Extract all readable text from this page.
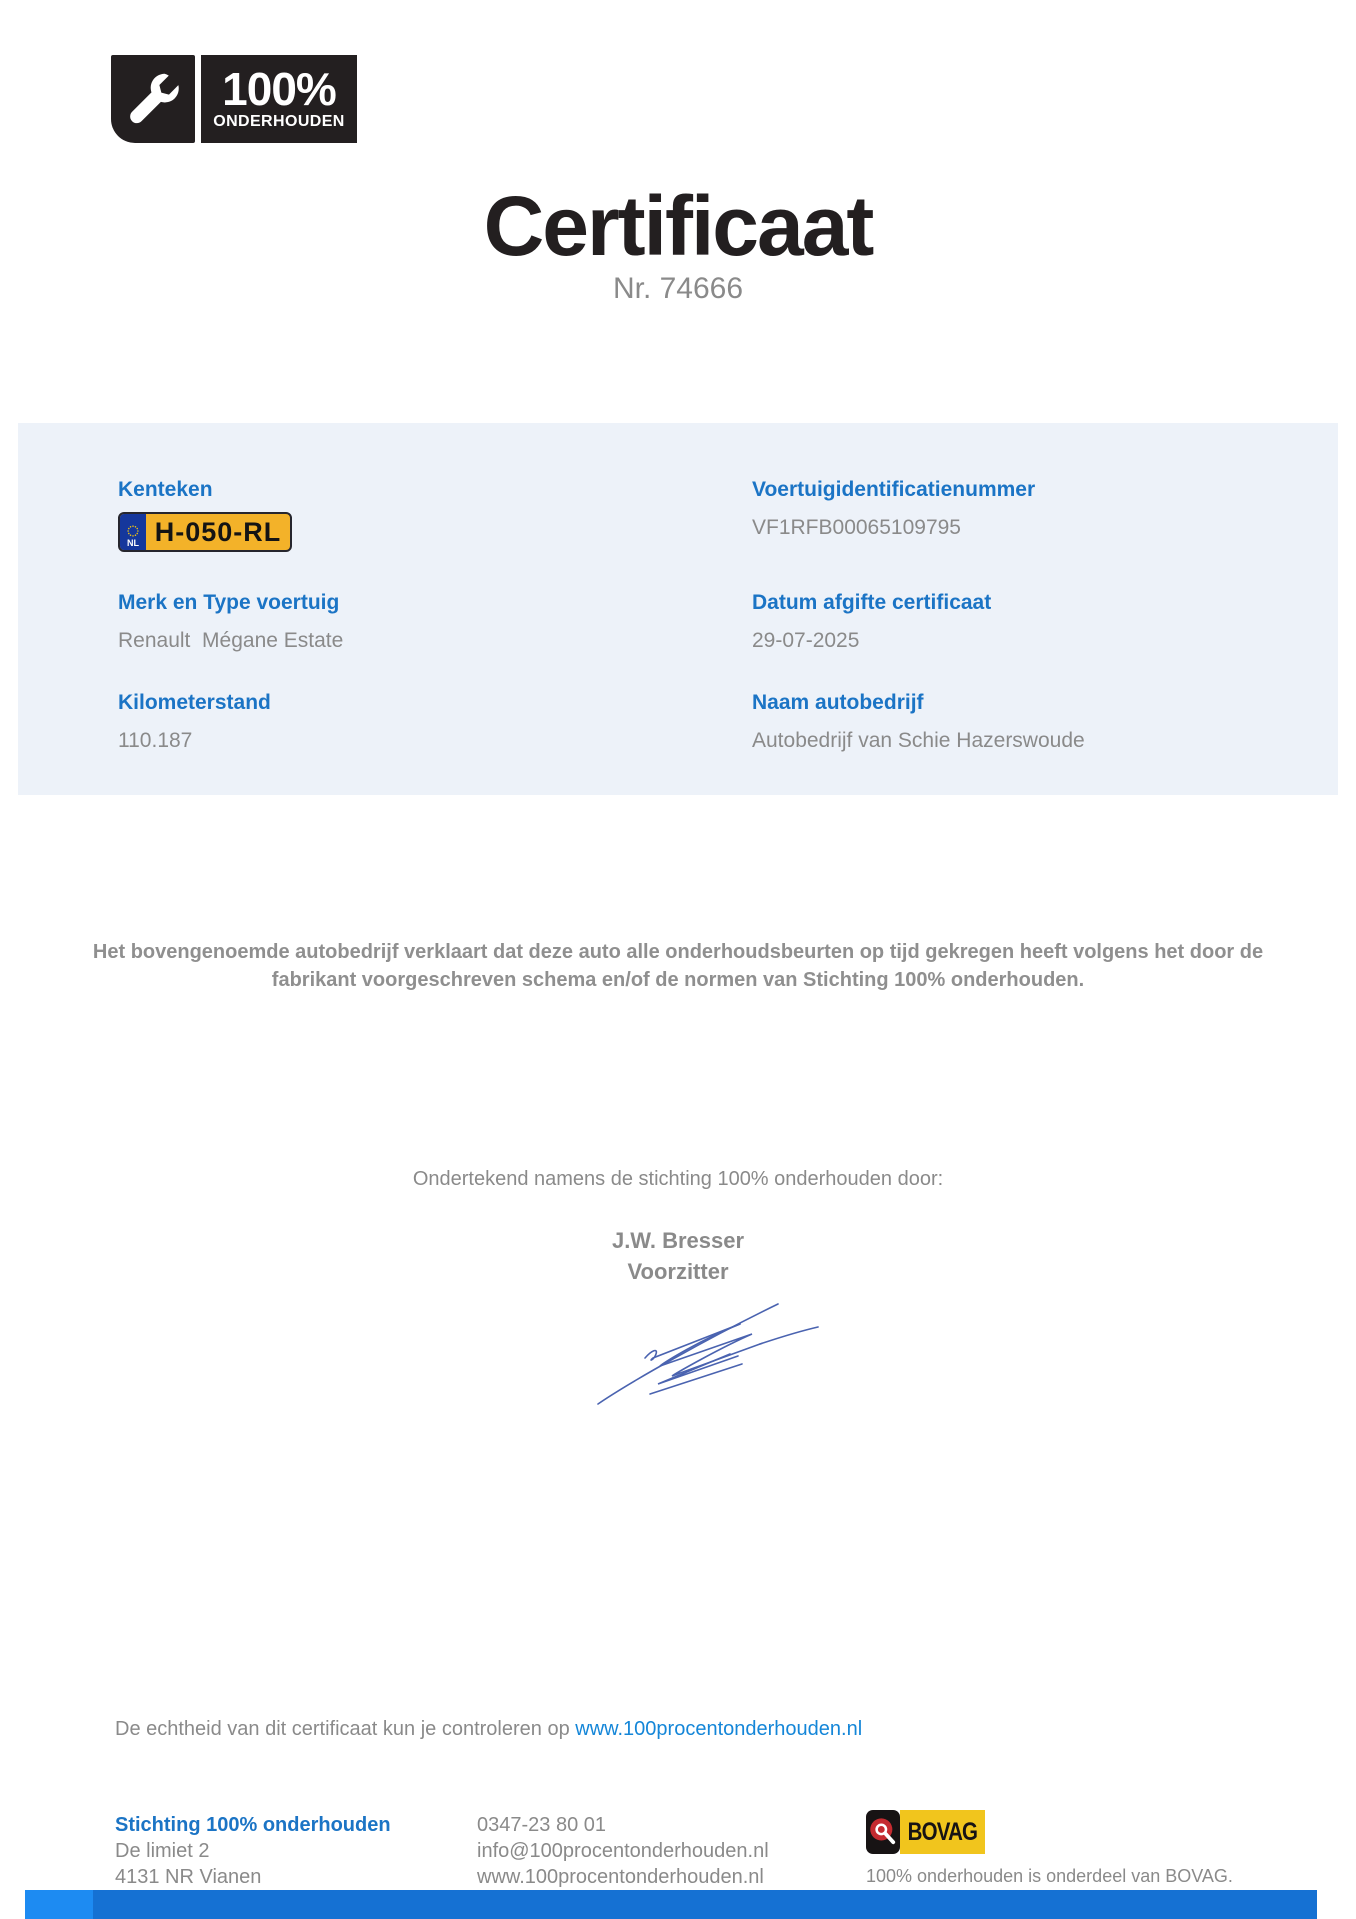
100%
ONDERHOUDEN
Certificaat
Nr. 74666
Kenteken
NL H-050-RL
Merk en Type voertuig
Renault  Mégane Estate
Kilometerstand
110.187
Voertuigidentificatienummer
VF1RFB00065109795
Datum afgifte certificaat
29-07-2025
Naam autobedrijf
Autobedrijf van Schie Hazerswoude
Het bovengenoemde autobedrijf verklaart dat deze auto alle onderhoudsbeurten op tijd gekregen heeft volgens het door de fabrikant voorgeschreven schema en/of de normen van Stichting 100% onderhouden.
Ondertekend namens de stichting 100% onderhouden door:
J.W. Bresser
Voorzitter
De echtheid van dit certificaat kun je controleren op www.100procentonderhouden.nl
Stichting 100% onderhouden
De limiet 2
4131 NR Vianen
0347-23 80 01
info@100procentonderhouden.nl
www.100procentonderhouden.nl
BOVAG
100% onderhouden is onderdeel van BOVAG.
